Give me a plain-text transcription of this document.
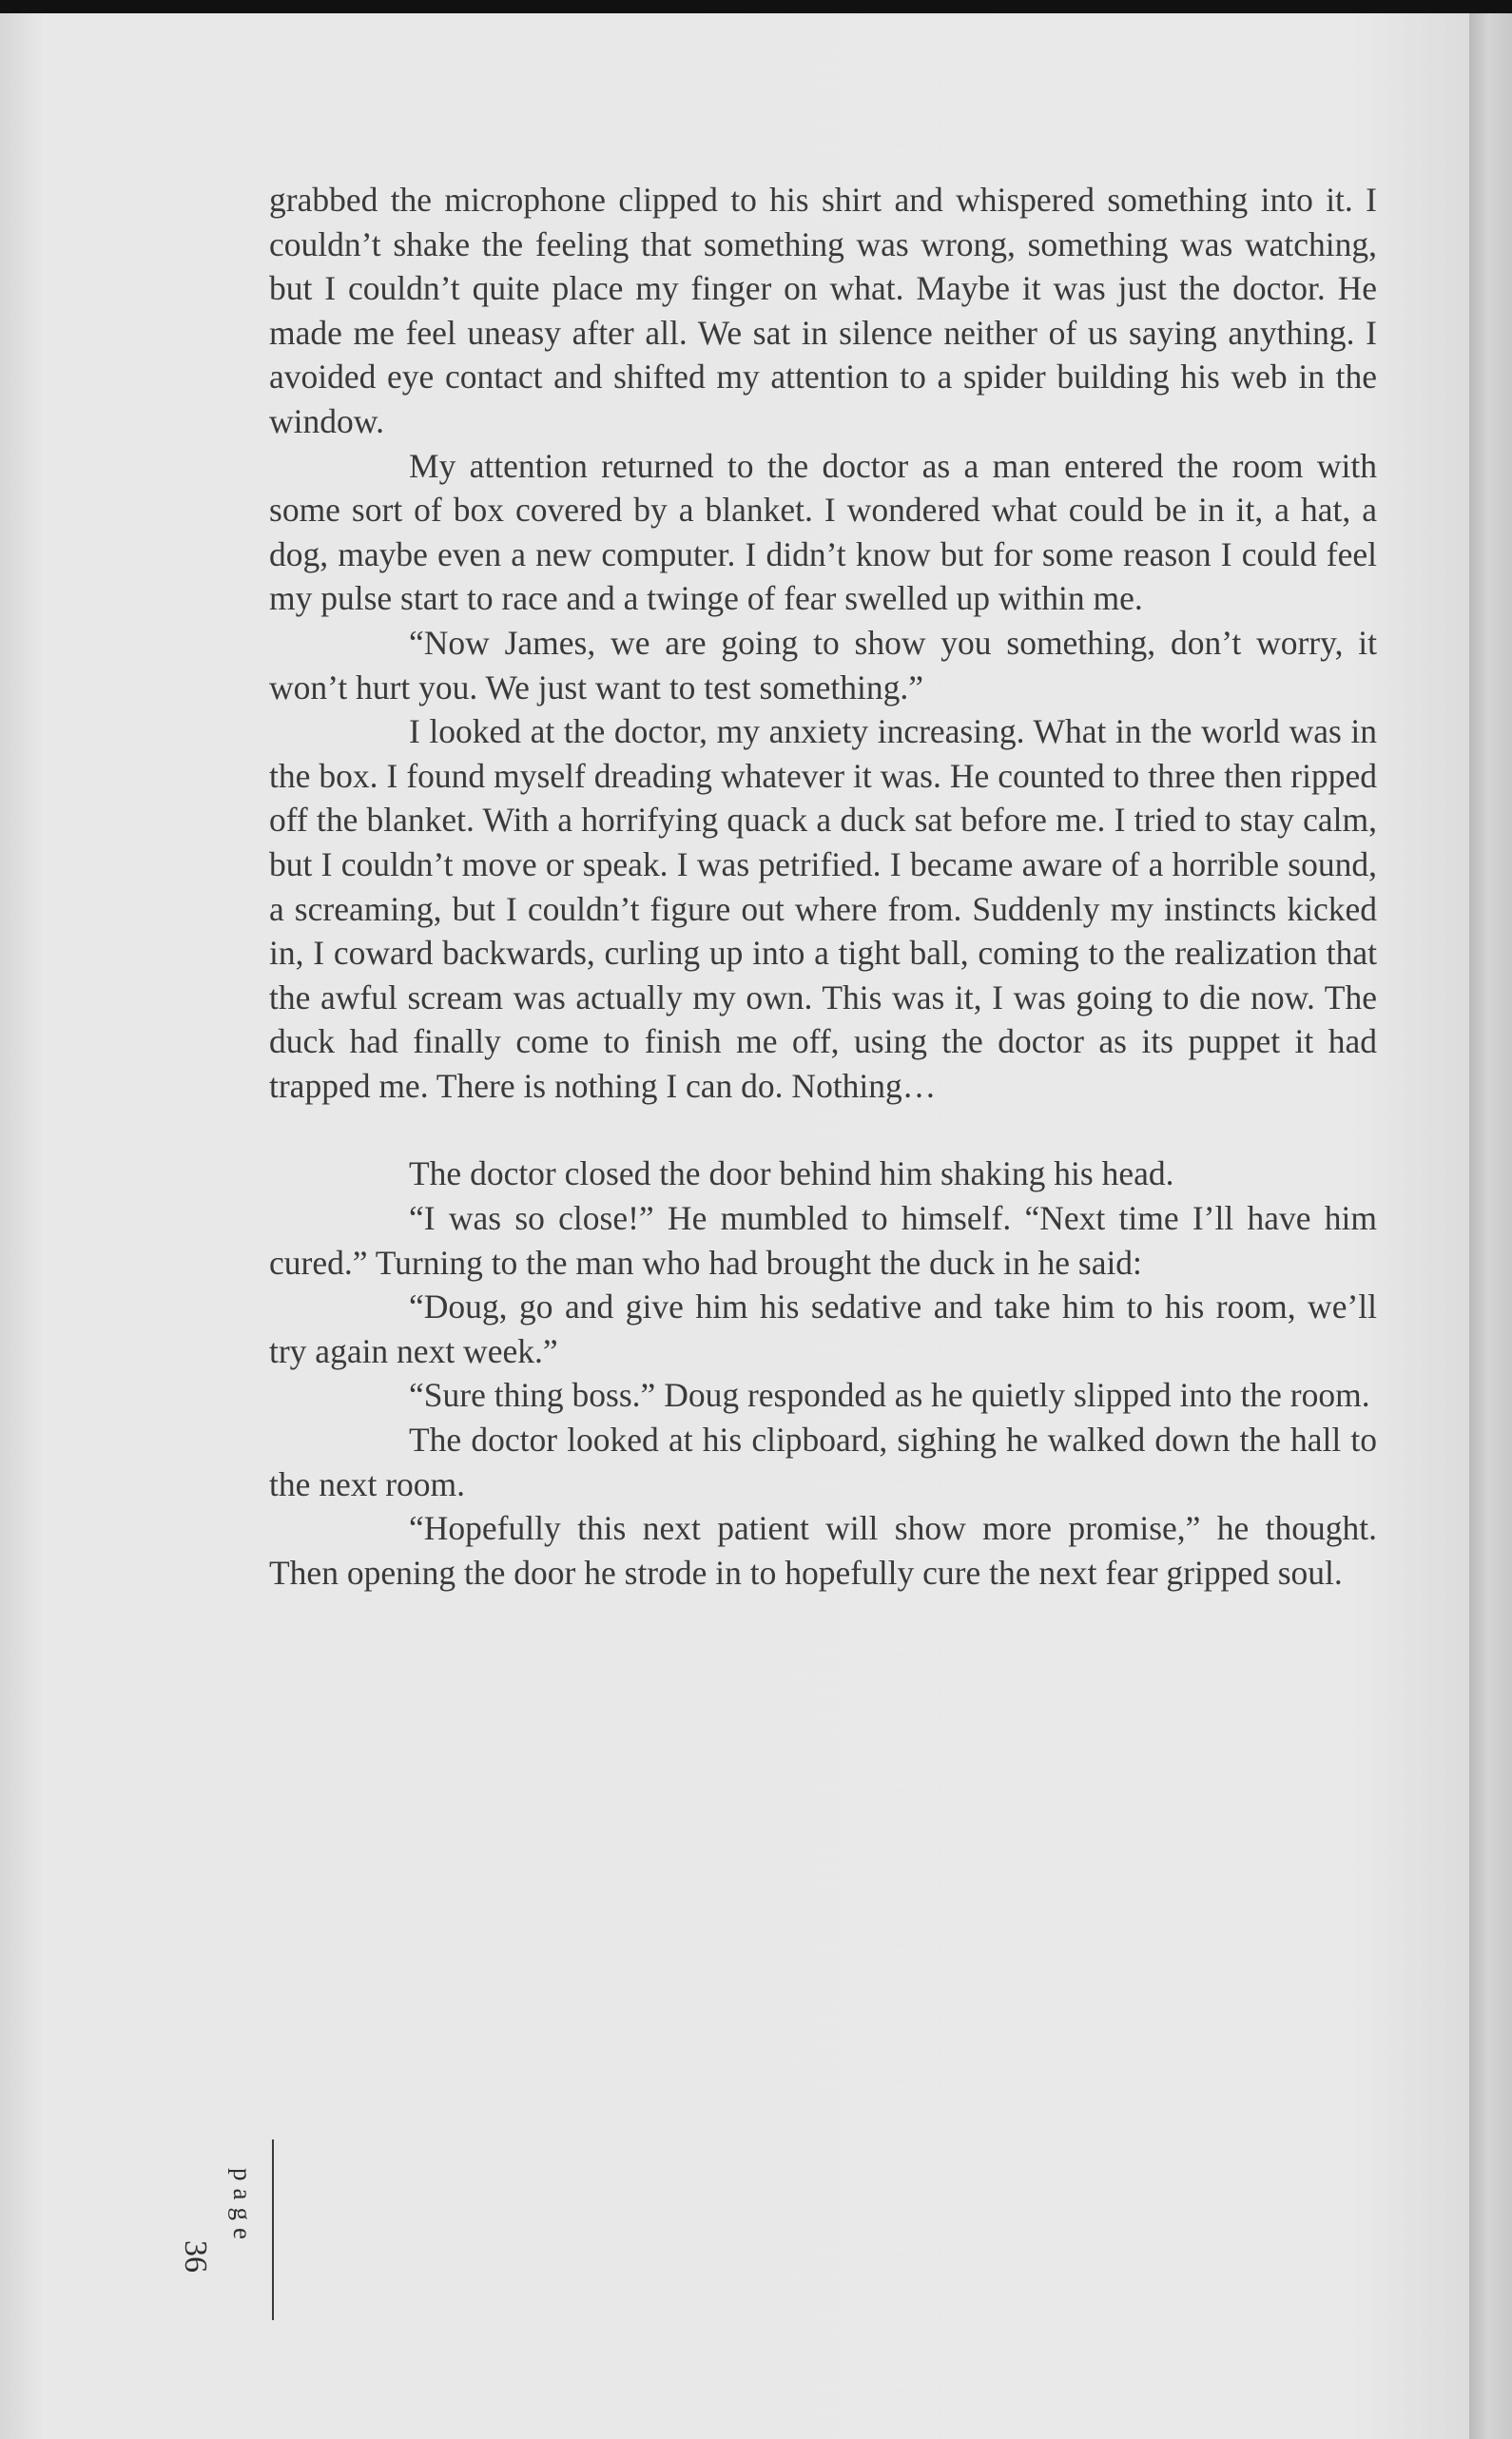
grabbed the microphone clipped to his shirt and whispered something into it. I couldn’t shake the feeling that something was wrong, something was watching, but I couldn’t quite place my finger on what. Maybe it was just the doctor. He made me feel uneasy after all. We sat in silence neither of us saying anything. I avoided eye contact and shifted my attention to a spider building his web in the window.

My attention returned to the doctor as a man entered the room with some sort of box covered by a blanket. I wondered what could be in it, a hat, a dog, maybe even a new computer. I didn’t know but for some reason I could feel my pulse start to race and a twinge of fear swelled up within me.

“Now James, we are going to show you something, don’t worry, it won’t hurt you. We just want to test something.”

I looked at the doctor, my anxiety increasing. What in the world was in the box. I found myself dreading whatever it was. He counted to three then ripped off the blanket. With a horrifying quack a duck sat before me. I tried to stay calm, but I couldn’t move or speak. I was petrified. I became aware of a horrible sound, a screaming, but I couldn’t figure out where from. Suddenly my instincts kicked in, I coward backwards, curling up into a tight ball, coming to the realization that the awful scream was actually my own. This was it, I was going to die now. The duck had finally come to finish me off, using the doctor as its puppet it had trapped me. There is nothing I can do. Nothing…

The doctor closed the door behind him shaking his head.

“I was so close!” He mumbled to himself. “Next time I’ll have him cured.” Turning to the man who had brought the duck in he said:

“Doug, go and give him his sedative and take him to his room, we’ll try again next week.”

“Sure thing boss.” Doug responded as he quietly slipped into the room.

The doctor looked at his clipboard, sighing he walked down the hall to the next room.

“Hopefully this next patient will show more promise,” he thought. Then opening the door he strode in to hopefully cure the next fear gripped soul.

page
36
